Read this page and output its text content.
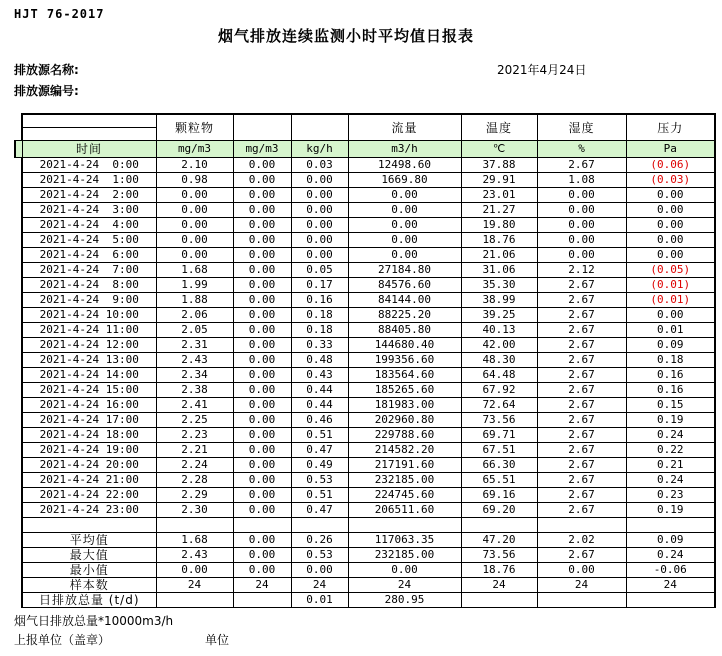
HJT 76-2017
烟气排放连续监测小时平均值日报表
排放源名称:	2021年4月24日
排放源编号:
		颗粒物			流量	温度	湿度	压力

	时间	mg/m3	mg/m3	kg/h	m3/h	℃	%	Pa
	2021-4-24  0:00	2.10	0.00	0.03	12498.60	37.88	2.67	(0.06)
	2021-4-24  1:00	0.98	0.00	0.00	1669.80	29.91	1.08	(0.03)
	2021-4-24  2:00	0.00	0.00	0.00	0.00	23.01	0.00	0.00
	2021-4-24  3:00	0.00	0.00	0.00	0.00	21.27	0.00	0.00
	2021-4-24  4:00	0.00	0.00	0.00	0.00	19.80	0.00	0.00
	2021-4-24  5:00	0.00	0.00	0.00	0.00	18.76	0.00	0.00
	2021-4-24  6:00	0.00	0.00	0.00	0.00	21.06	0.00	0.00
	2021-4-24  7:00	1.68	0.00	0.05	27184.80	31.06	2.12	(0.05)
	2021-4-24  8:00	1.99	0.00	0.17	84576.60	35.30	2.67	(0.01)
	2021-4-24  9:00	1.88	0.00	0.16	84144.00	38.99	2.67	(0.01)
	2021-4-24 10:00	2.06	0.00	0.18	88225.20	39.25	2.67	0.00
	2021-4-24 11:00	2.05	0.00	0.18	88405.80	40.13	2.67	0.01
	2021-4-24 12:00	2.31	0.00	0.33	144680.40	42.00	2.67	0.09
	2021-4-24 13:00	2.43	0.00	0.48	199356.60	48.30	2.67	0.18
	2021-4-24 14:00	2.34	0.00	0.43	183564.60	64.48	2.67	0.16
	2021-4-24 15:00	2.38	0.00	0.44	185265.60	67.92	2.67	0.16
	2021-4-24 16:00	2.41	0.00	0.44	181983.00	72.64	2.67	0.15
	2021-4-24 17:00	2.25	0.00	0.46	202960.80	73.56	2.67	0.19
	2021-4-24 18:00	2.23	0.00	0.51	229788.60	69.71	2.67	0.24
	2021-4-24 19:00	2.21	0.00	0.47	214582.20	67.51	2.67	0.22
	2021-4-24 20:00	2.24	0.00	0.49	217191.60	66.30	2.67	0.21
	2021-4-24 21:00	2.28	0.00	0.53	232185.00	65.51	2.67	0.24
	2021-4-24 22:00	2.29	0.00	0.51	224745.60	69.16	2.67	0.23
	2021-4-24 23:00	2.30	0.00	0.47	206511.60	69.20	2.67	0.19

	平均值	1.68	0.00	0.26	117063.35	47.20	2.02	0.09
	最大值	2.43	0.00	0.53	232185.00	73.56	2.67	0.24
	最小值	0.00	0.00	0.00	0.00	18.76	0.00	-0.06
	样本数	24	24	24	24	24	24	24
	日排放总量 (t/d)			0.01	280.95			
烟气日排放总量*10000m3/h
上报单位（盖章）	单位
